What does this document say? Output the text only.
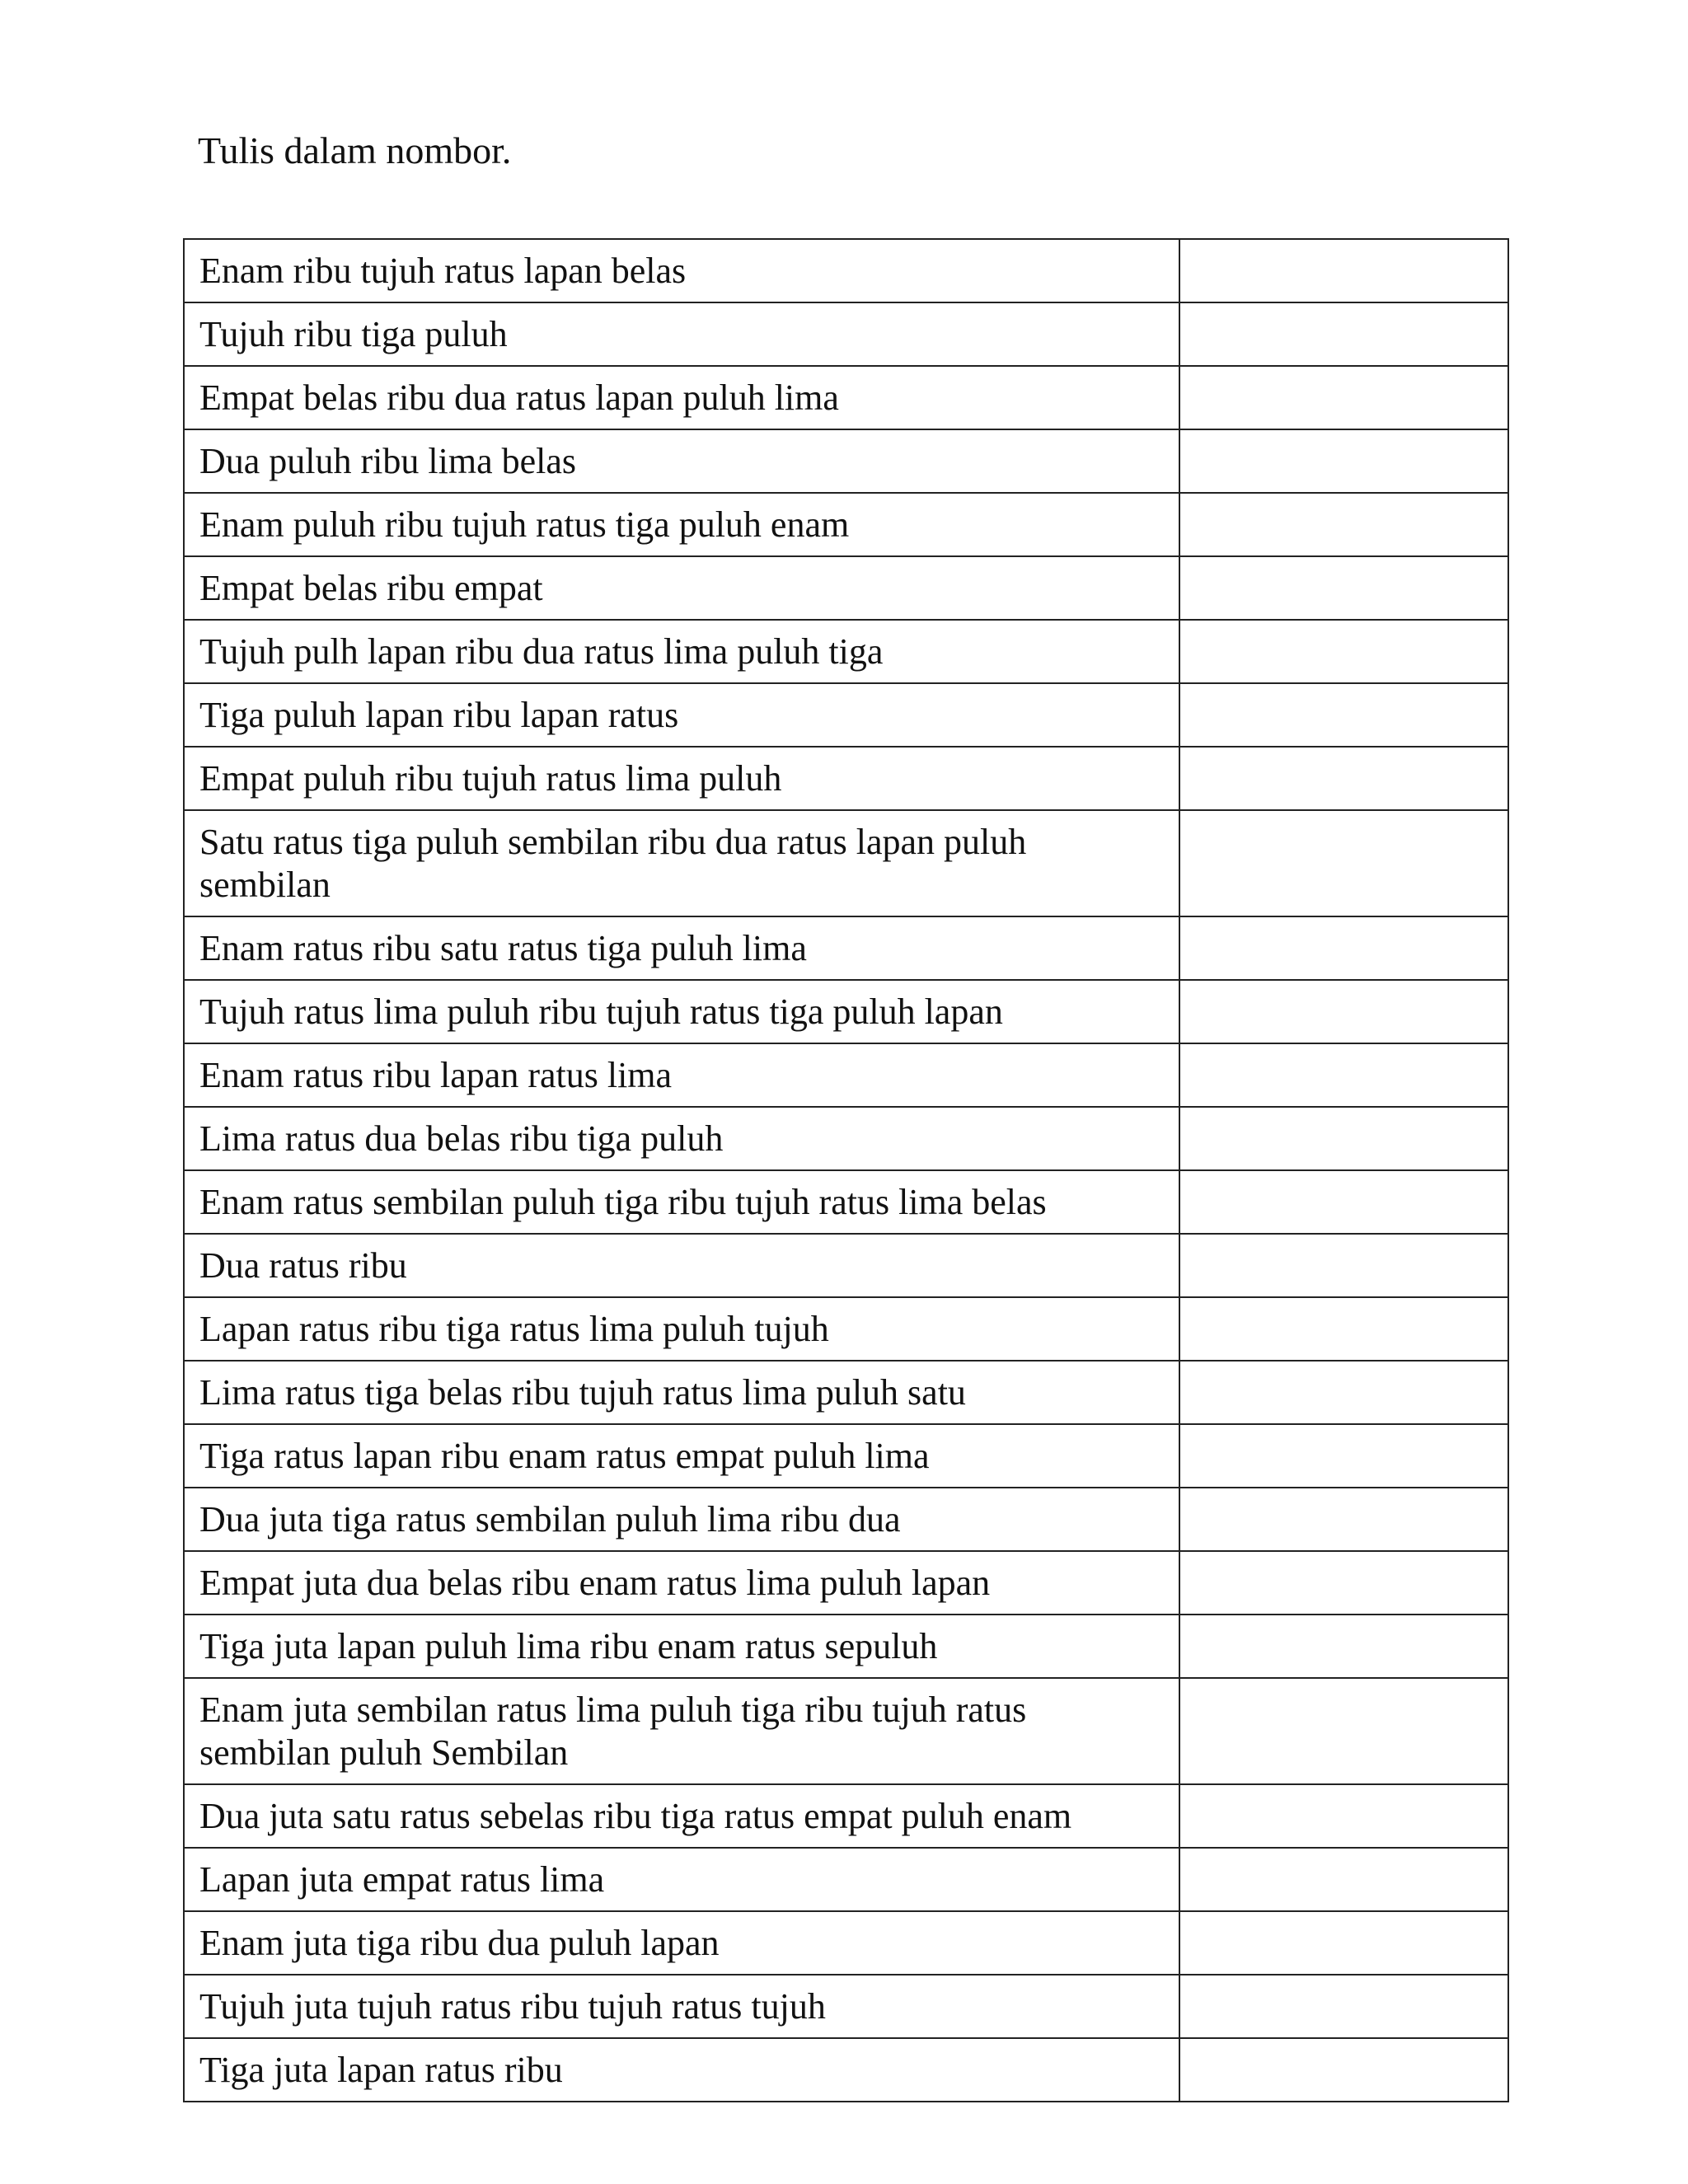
Tulis dalam nombor.
Enam ribu tujuh ratus lapan belas	
Tujuh ribu tiga puluh	
Empat belas ribu dua ratus lapan puluh lima	
Dua puluh ribu lima belas	
Enam puluh ribu tujuh ratus tiga puluh enam	
Empat belas ribu empat	
Tujuh pulh lapan ribu dua ratus lima puluh tiga	
Tiga puluh lapan ribu lapan ratus	
Empat puluh ribu tujuh ratus lima puluh	
Satu ratus tiga puluh sembilan ribu dua ratus lapan puluh sembilan	
Enam ratus ribu satu ratus tiga puluh lima	
Tujuh ratus lima puluh ribu tujuh ratus tiga puluh lapan	
Enam ratus ribu lapan ratus lima	
Lima ratus dua belas ribu tiga puluh	
Enam ratus sembilan puluh tiga ribu tujuh ratus lima belas	
Dua ratus ribu	
Lapan ratus ribu tiga ratus lima puluh tujuh	
Lima ratus tiga belas ribu tujuh ratus lima puluh satu	
Tiga ratus lapan ribu enam ratus empat puluh lima	
Dua juta tiga ratus sembilan puluh lima ribu dua	
Empat juta dua belas ribu enam ratus lima puluh lapan	
Tiga juta lapan puluh lima ribu enam ratus sepuluh	
Enam juta sembilan ratus lima puluh tiga ribu tujuh ratus sembilan puluh Sembilan	
Dua juta satu ratus sebelas ribu tiga ratus empat puluh enam	
Lapan juta empat ratus lima	
Enam juta tiga ribu dua puluh lapan	
Tujuh juta tujuh ratus ribu tujuh ratus tujuh	
Tiga juta lapan ratus ribu	
